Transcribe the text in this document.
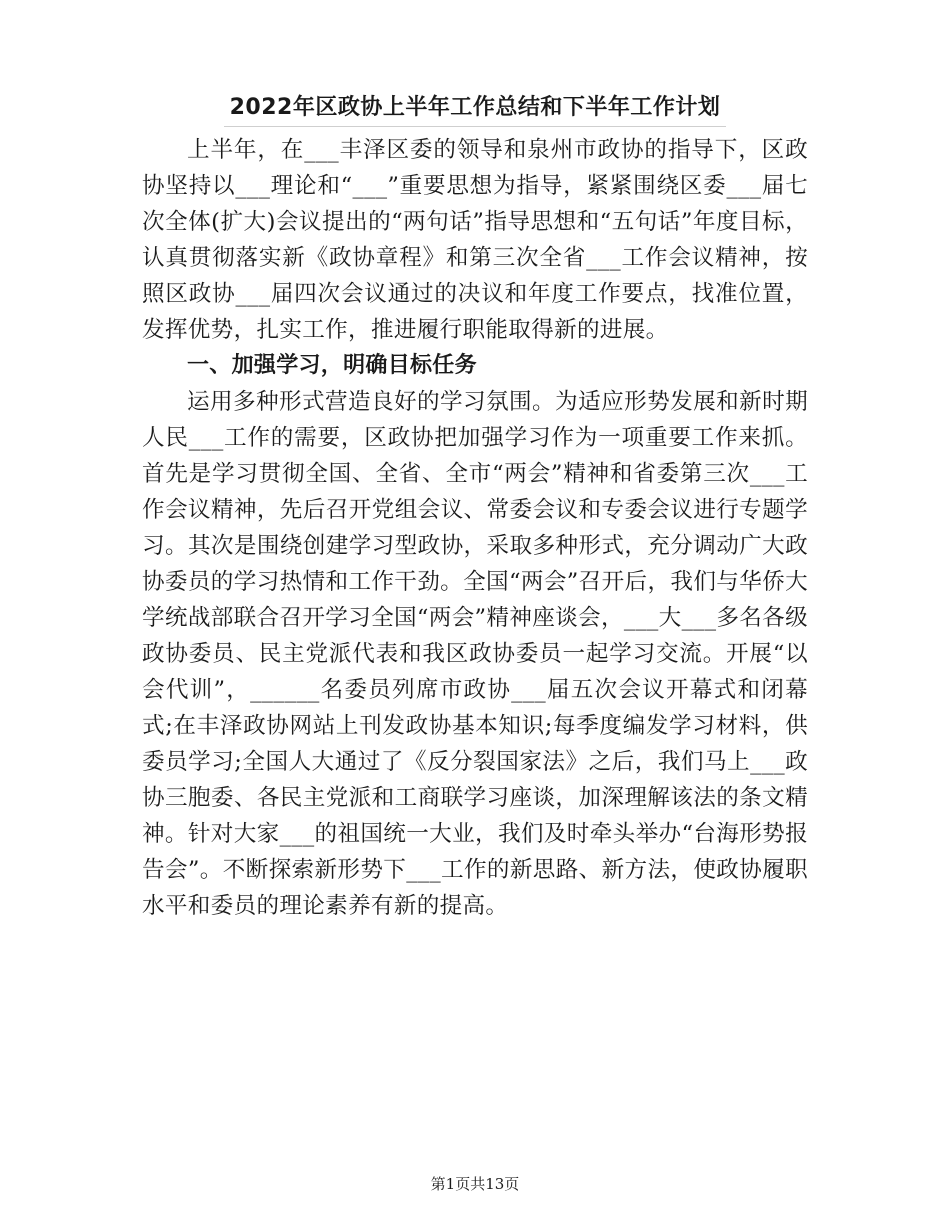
2022年区政协上半年工作总结和下半年工作计划

上半年，在___丰泽区委的领导和泉州市政协的指导下，区政协坚持以___理论和“___”重要思想为指导，紧紧围绕区委___届七次全体(扩大)会议提出的“两句话”指导思想和“五句话”年度目标，认真贯彻落实新《政协章程》和第三次全省___工作会议精神，按照区政协___届四次会议通过的决议和年度工作要点，找准位置，发挥优势，扎实工作，推进履行职能取得新的进展。

一、加强学习，明确目标任务

运用多种形式营造良好的学习氛围。为适应形势发展和新时期人民___工作的需要，区政协把加强学习作为一项重要工作来抓。首先是学习贯彻全国、全省、全市“两会”精神和省委第三次___工作会议精神，先后召开党组会议、常委会议和专委会议进行专题学习。其次是围绕创建学习型政协，采取多种形式，充分调动广大政协委员的学习热情和工作干劲。全国“两会”召开后，我们与华侨大学统战部联合召开学习全国“两会”精神座谈会，___大___多名各级政协委员、民主党派代表和我区政协委员一起学习交流。开展“以会代训”，______名委员列席市政协___届五次会议开幕式和闭幕式;在丰泽政协网站上刊发政协基本知识;每季度编发学习材料，供委员学习;全国人大通过了《反分裂国家法》之后，我们马上___政协三胞委、各民主党派和工商联学习座谈，加深理解该法的条文精神。针对大家___的祖国统一大业，我们及时牵头举办“台海形势报告会”。不断探索新形势下___工作的新思路、新方法，使政协履职水平和委员的理论素养有新的提高。

第1页共13页
